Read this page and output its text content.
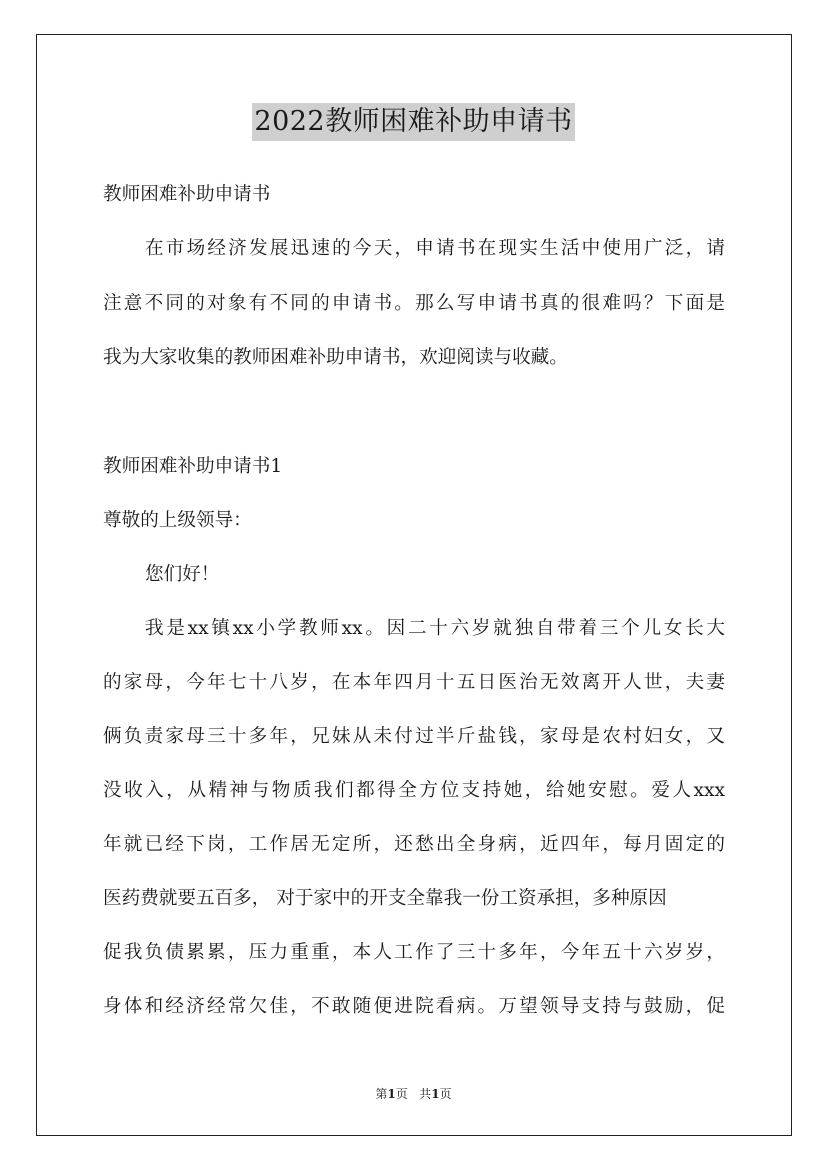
2022教师困难补助申请书
教师困难补助申请书
在市场经济发展迅速的今天，申请书在现实生活中使用广泛，请
注意不同的对象有不同的申请书。那么写申请书真的很难吗？下面是
我为大家收集的教师困难补助申请书，欢迎阅读与收藏。
教师困难补助申请书1
尊敬的上级领导：
您们好！
我是xx镇xx小学教师xx。因二十六岁就独自带着三个儿女长大
的家母，今年七十八岁，在本年四月十五日医治无效离开人世，夫妻
俩负责家母三十多年，兄妹从未付过半斤盐钱，家母是农村妇女，又
没收入，从精神与物质我们都得全方位支持她，给她安慰。爱人xxx
年就已经下岗，工作居无定所，还愁出全身病，近四年，每月固定的
医药费就要五百多， 对于家中的开支全靠我一份工资承担，多种原因
促我负债累累，压力重重，本人工作了三十多年，今年五十六岁岁，
身体和经济经常欠佳，不敢随便进院看病。万望领导支持与鼓励，促
第1页 共1页
